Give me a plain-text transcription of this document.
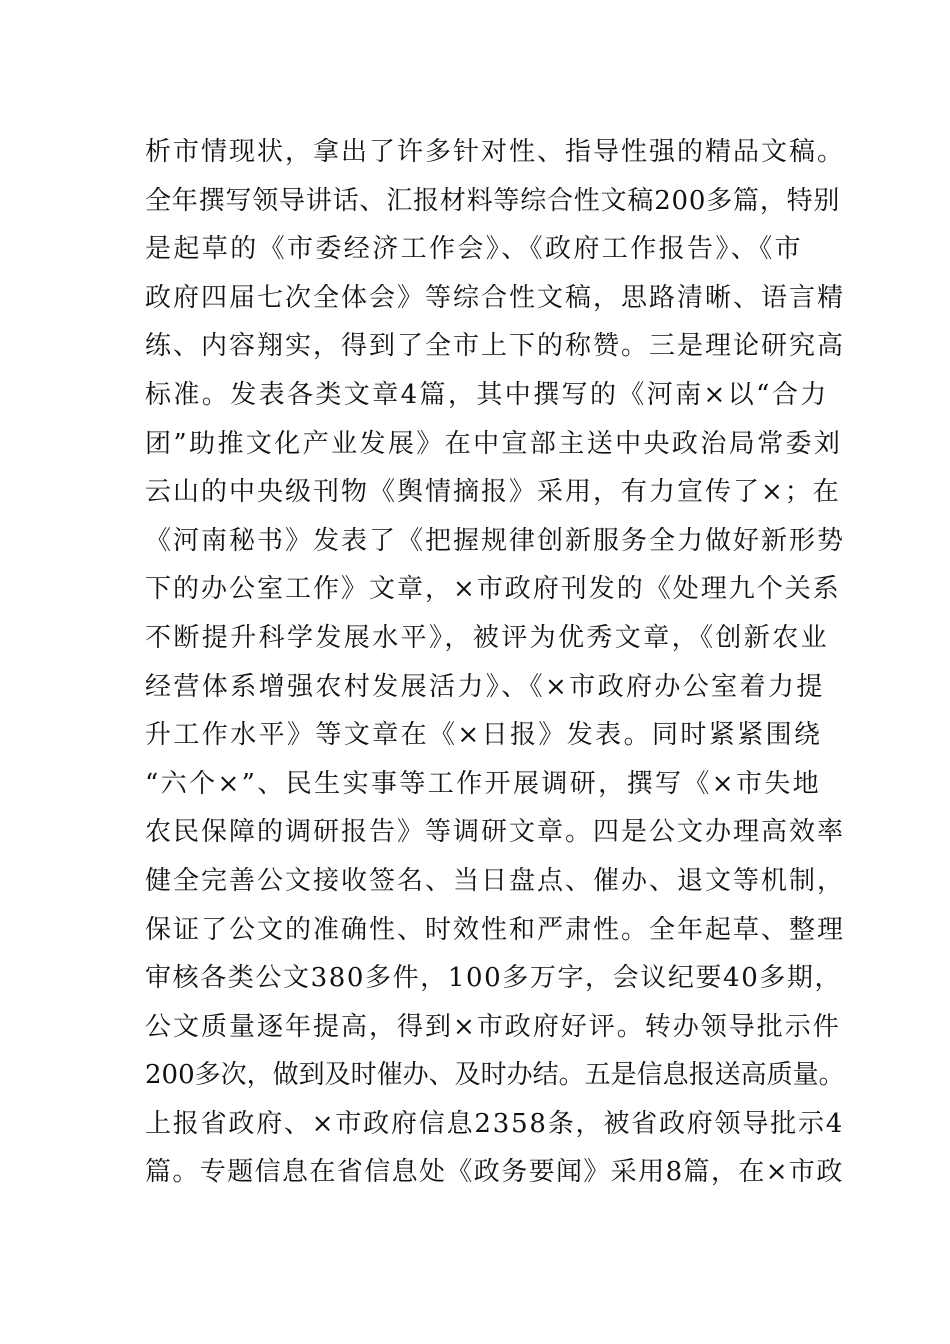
析市情现状，拿出了许多针对性、指导性强的精品文稿。
全年撰写领导讲话、汇报材料等综合性文稿200多篇，特别
是起草的《市委经济工作会》、《政府工作报告》、《市
政府四届七次全体会》等综合性文稿，思路清晰、语言精
练、内容翔实，得到了全市上下的称赞。三是理论研究高
标准。发表各类文章4篇，其中撰写的《河南×以“合力
团”助推文化产业发展》在中宣部主送中央政治局常委刘
云山的中央级刊物《舆情摘报》采用，有力宣传了×；在
《河南秘书》发表了《把握规律创新服务全力做好新形势
下的办公室工作》文章，×市政府刊发的《处理九个关系
不断提升科学发展水平》，被评为优秀文章，《创新农业
经营体系增强农村发展活力》、《×市政府办公室着力提
升工作水平》等文章在《×日报》发表。同时紧紧围绕
“六个×”、民生实事等工作开展调研，撰写《×市失地
农民保障的调研报告》等调研文章。四是公文办理高效率
健全完善公文接收签名、当日盘点、催办、退文等机制，
保证了公文的准确性、时效性和严肃性。全年起草、整理
审核各类公文380多件，100多万字，会议纪要40多期，
公文质量逐年提高，得到×市政府好评。转办领导批示件
200多次，做到及时催办、及时办结。五是信息报送高质量。
上报省政府、×市政府信息2358条，被省政府领导批示4
篇。专题信息在省信息处《政务要闻》采用8篇，在×市政
